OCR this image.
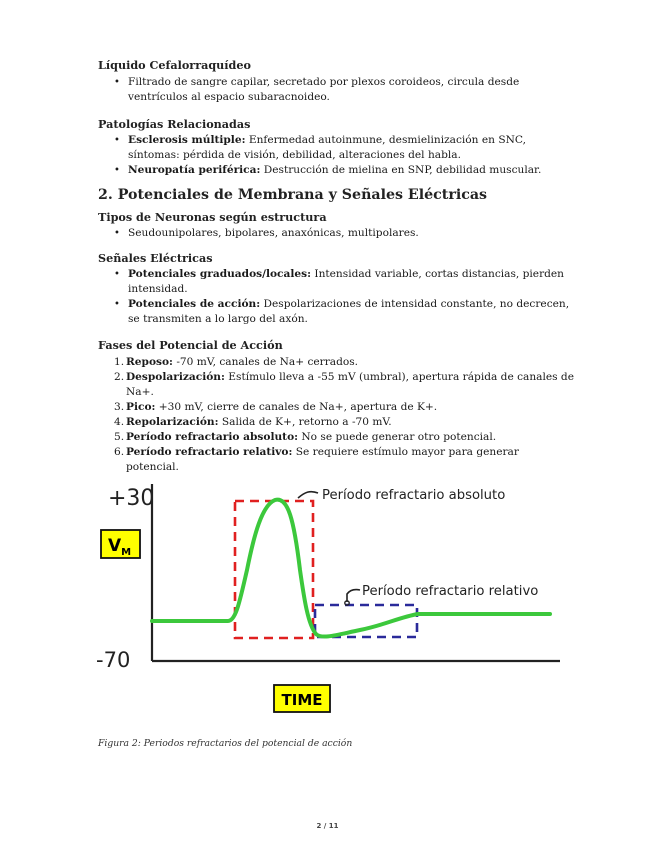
Líquido Cefalorraquídeo
• Filtrado de sangre capilar, secretado por plexos coroideos, circula desde ventrículos al espacio subaracnoideo.
Patologías Relacionadas
• Esclerosis múltiple: Enfermedad autoinmune, desmielinización en SNC, síntomas: pérdida de visión, debilidad, alteraciones del habla.
• Neuropatía periférica: Destrucción de mielina en SNP, debilidad muscular.
2. Potenciales de Membrana y Señales Eléctricas
Tipos de Neuronas según estructura
• Seudounipolares, bipolares, anaxónicas, multipolares.
Señales Eléctricas
• Potenciales graduados/locales: Intensidad variable, cortas distancias, pierden intensidad.
• Potenciales de acción: Despolarizaciones de intensidad constante, no decrecen, se transmiten a lo largo del axón.
Fases del Potencial de Acción
1. Reposo: -70 mV, canales de Na+ cerrados.
2. Despolarización: Estímulo lleva a -55 mV (umbral), apertura rápida de canales de Na+.
3. Pico: +30 mV, cierre de canales de Na+, apertura de K+.
4. Repolarización: Salida de K+, retorno a -70 mV.
5. Período refractario absoluto: No se puede generar otro potencial.
6. Período refractario relativo: Se requiere estímulo mayor para generar potencial.
+30
-70
$V_M$
TIME
Período refractario absoluto
Período refractario relativo
Figura 2: Periodos refractarios del potencial de acción
2 / 11
